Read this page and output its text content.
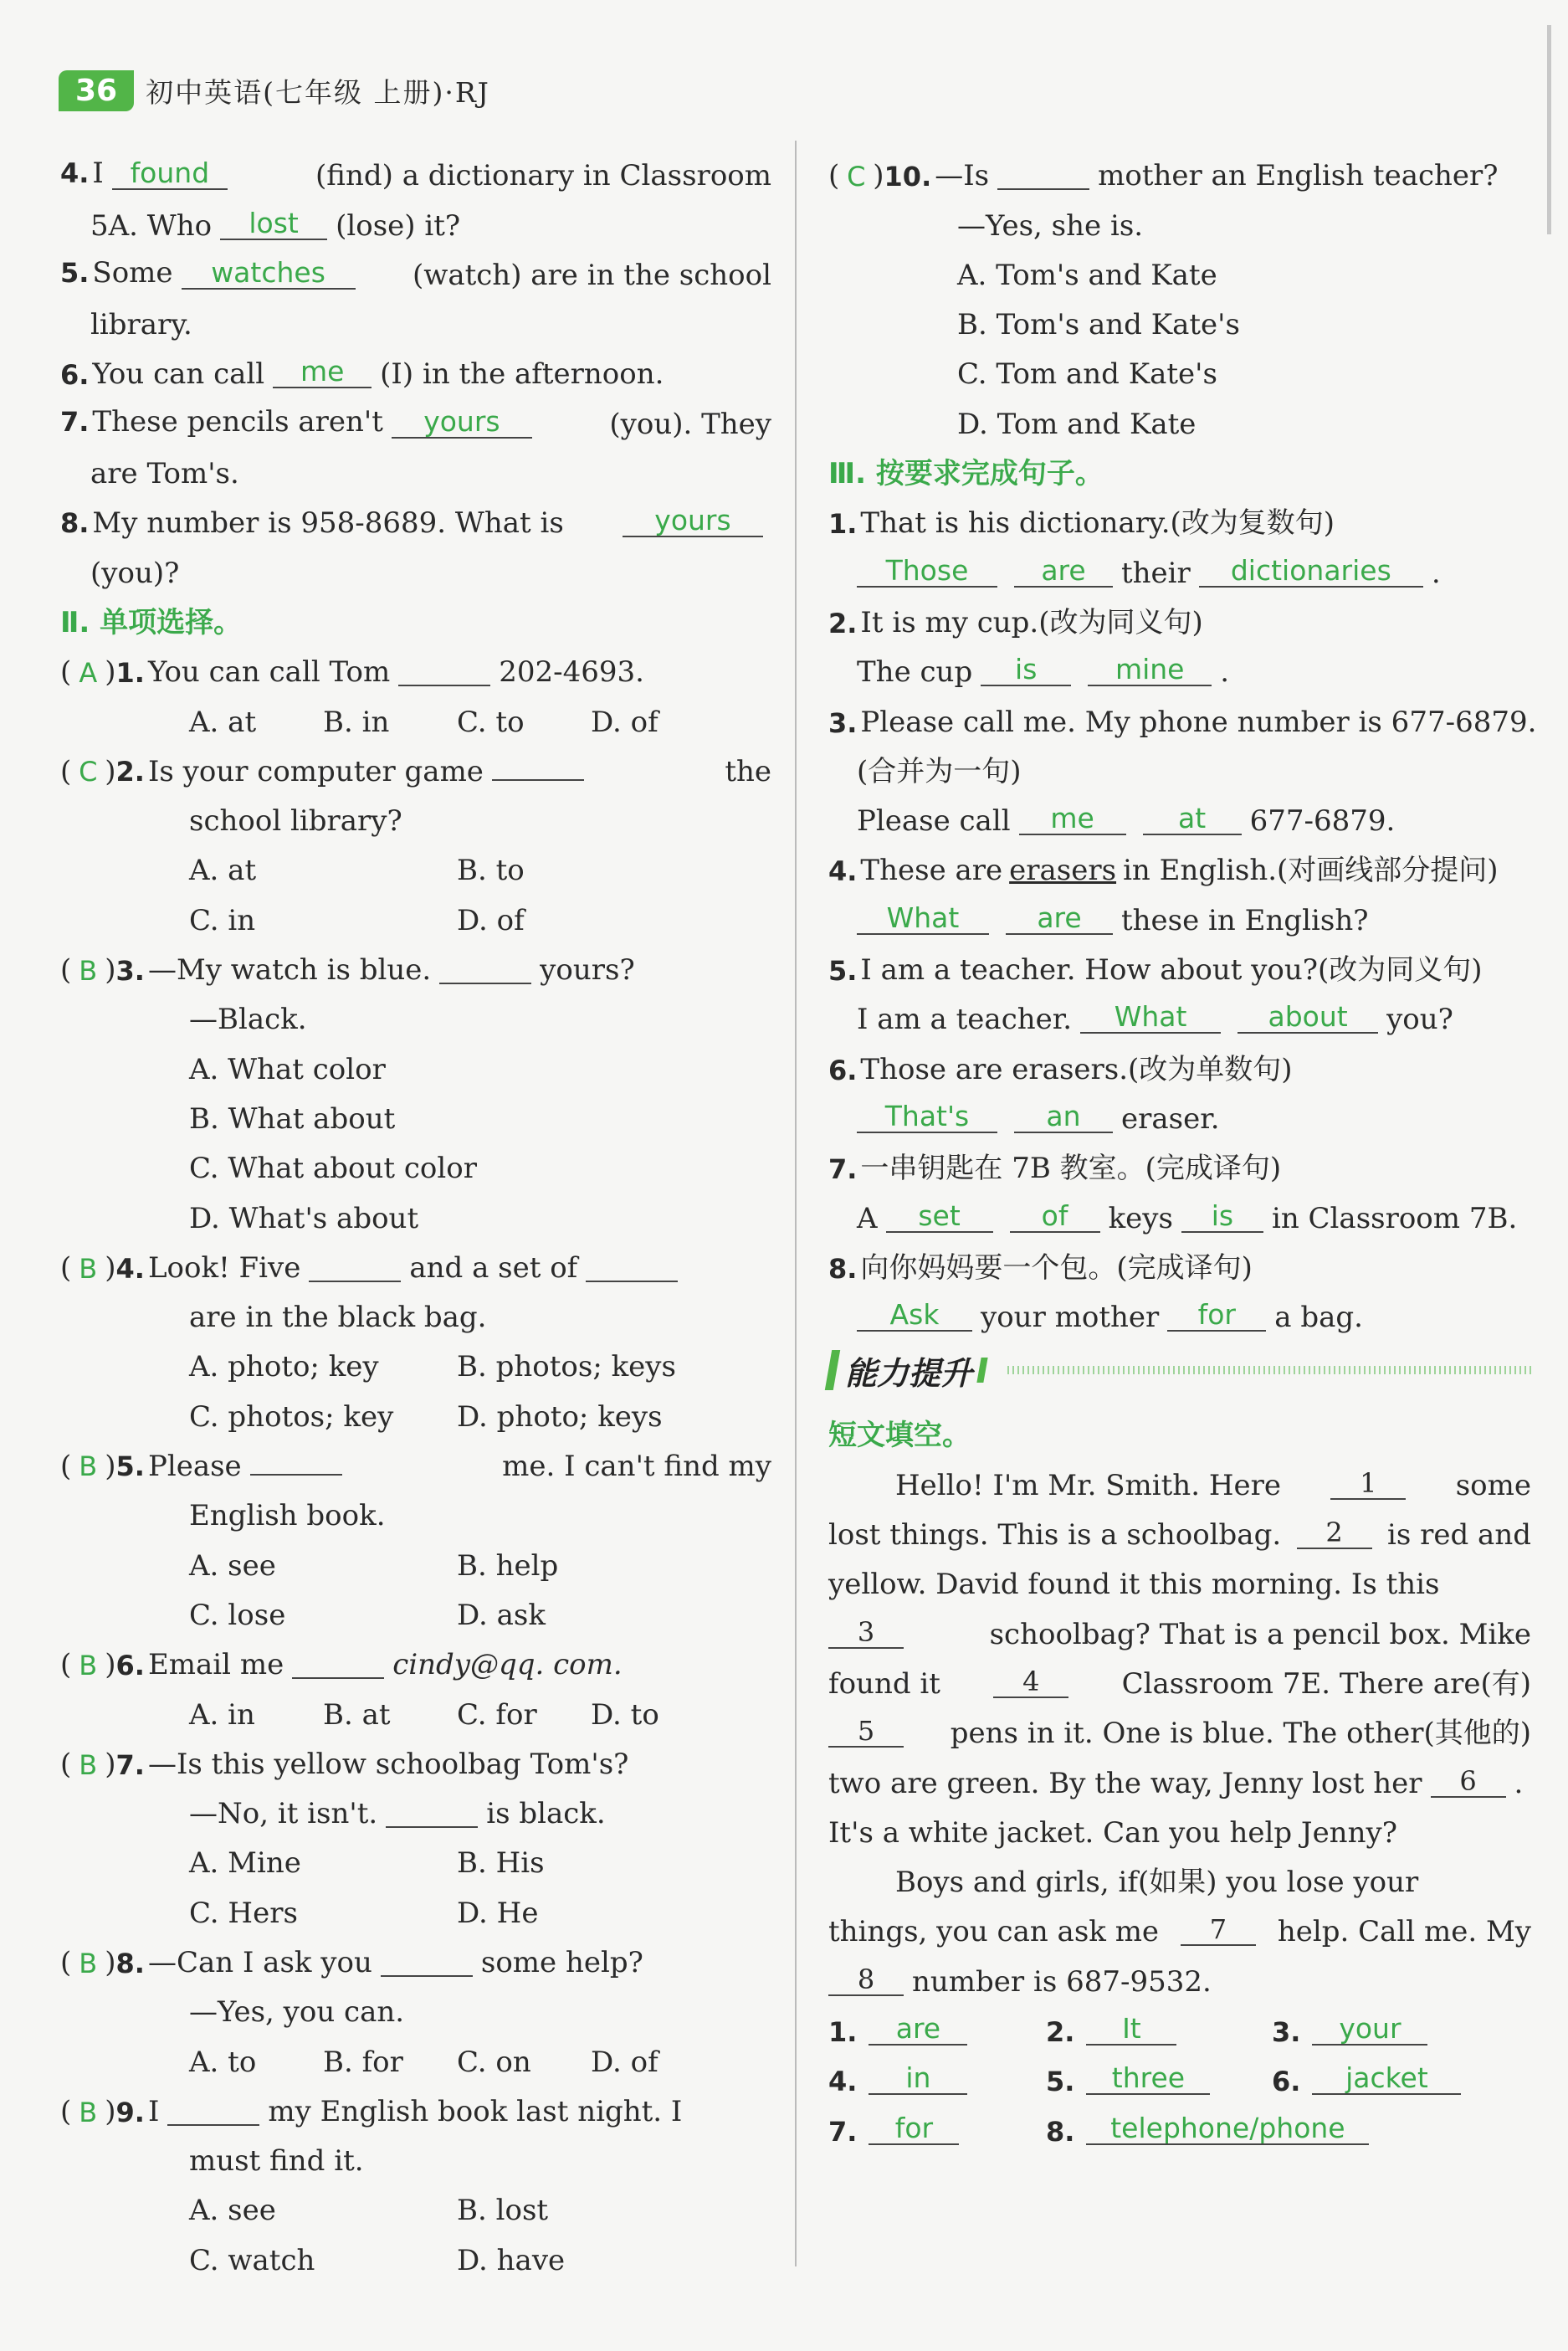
36	初中英语(七年级 上册)·RJ
4. I found	(find) a dictionary in Classroom
5A. Who	lost	(lose) it?
5. Some watches	(watch) are in the school
library.
6. You can call	me	(I) in the afternoon.
7. These pencils aren't yours	(you). They
are Tom's.
8. My number is 958-8689. What is	yours
(you)?
Ⅱ. 单项选择。
( A ) 1. You can call Tom	202-4693.
A. at	B. in	C. to	D. of
( C )2. Is your computer game	the
school library?
A. at	B. to
C. in	D. of
( B ) 3. —My watch is blue.	yours?
—Black.
A. What color
B. What about
C. What about color
D. What's about
( B ) 4. Look! Five	and a set of
are in the black bag.
A. photo; key	B. photos; keys
C. photos; key	D. photo; keys
( B )5. Please	me. I can't find my
English book.
A. see	B. help
C. lose	D. ask
( B ) 6. Email me	cindy@qq. com.
A. in	B. at	C. for	D. to
( B ) 7. —Is this yellow schoolbag Tom's?
—No, it isn't.	is black.
A. Mine	B. His
C. Hers	D. He
( B ) 8. —Can I ask you	some help?
—Yes, you can.
A. to	B. for	C. on	D. of
( B ) 9. I	my English book last night. I
must find it.
A. see	B. lost
C. watch	D. have
( C ) 10. —Is	mother an English teacher?
—Yes, she is.
A. Tom's and Kate
B. Tom's and Kate's
C. Tom and Kate's
D. Tom and Kate
Ⅲ. 按要求完成句子。
1. That is his dictionary.(改为复数句)
Those	are	their	dictionaries	.
2. It is my cup.(改为同义句)
The cup	is	mine	.
3. Please call me. My phone number is 677-6879.
(合并为一句)
Please call	me	at	677-6879.
4. These are erasers in English.(对画线部分提问)
What	are	these in English?
5. I am a teacher. How about you?(改为同义句)
I am a teacher.	What	about	you?
6. Those are erasers.(改为单数句)
That's	an	eraser.
7. 一串钥匙在 7B 教室。(完成译句)
A	set	of	keys	is	in Classroom 7B.
8. 向你妈妈要一个包。(完成译句)
Ask	your mother	for	a bag.
能力提升
短文填空。
Hello! I'm Mr. Smith. Here	1	some
lost things. This is a schoolbag.	2	is red and
yellow. David found it this morning. Is this
3	schoolbag? That is a pencil box. Mike
found it	4	Classroom 7E. There are(有)
5	pens in it. One is blue. The other(其他的)
two are green. By the way, Jenny lost her	6	.
It's a white jacket. Can you help Jenny?
Boys and girls, if(如果) you lose your
things, you can ask me	7	help. Call me. My
8	number is 687-9532.
1.	are	2.	It	3.	your
4.	in	5.	three	6.	jacket
7.	for	8.	telephone/phone
